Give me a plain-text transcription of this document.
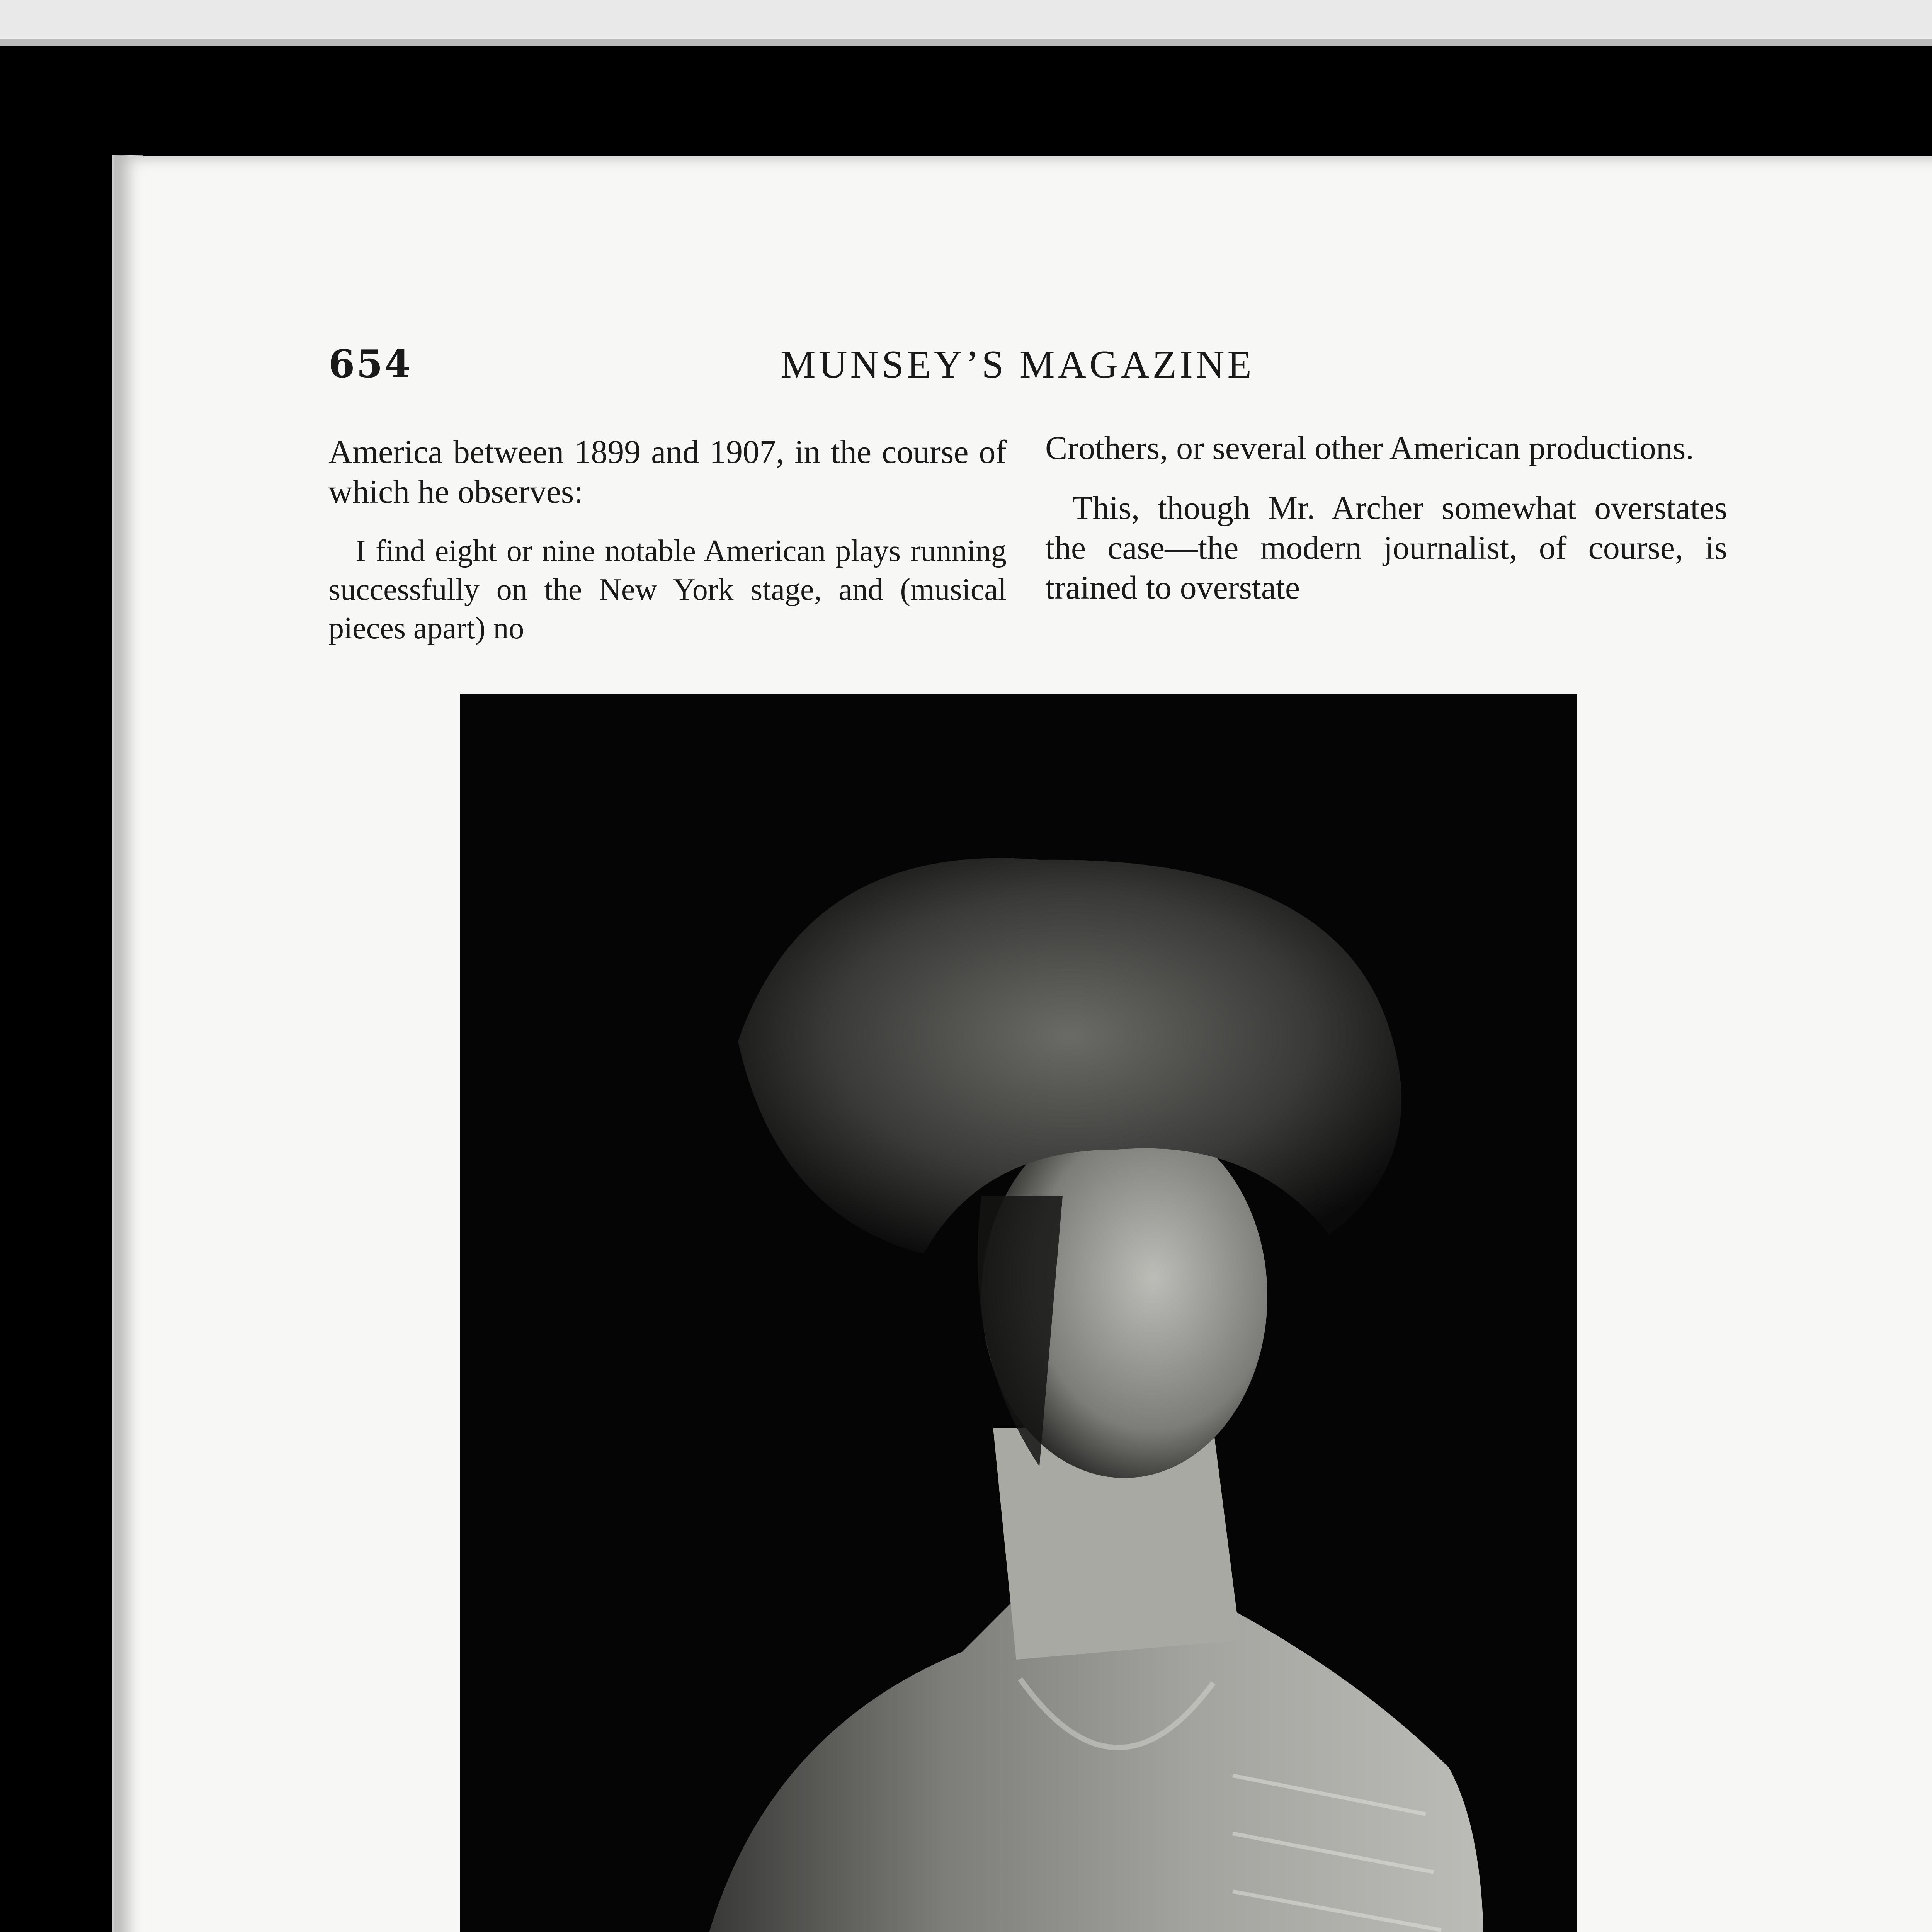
654	MUNSEY’S MAGAZINE

America between 1899 and 1907, in the course of which he observes:

I find eight or nine notable American plays running successfully on the New York stage, and (musical pieces apart) no

Crothers, or several other American productions.

This, though Mr. Archer somewhat overstates the case—the modern journalist, of course, is trained to overstate
